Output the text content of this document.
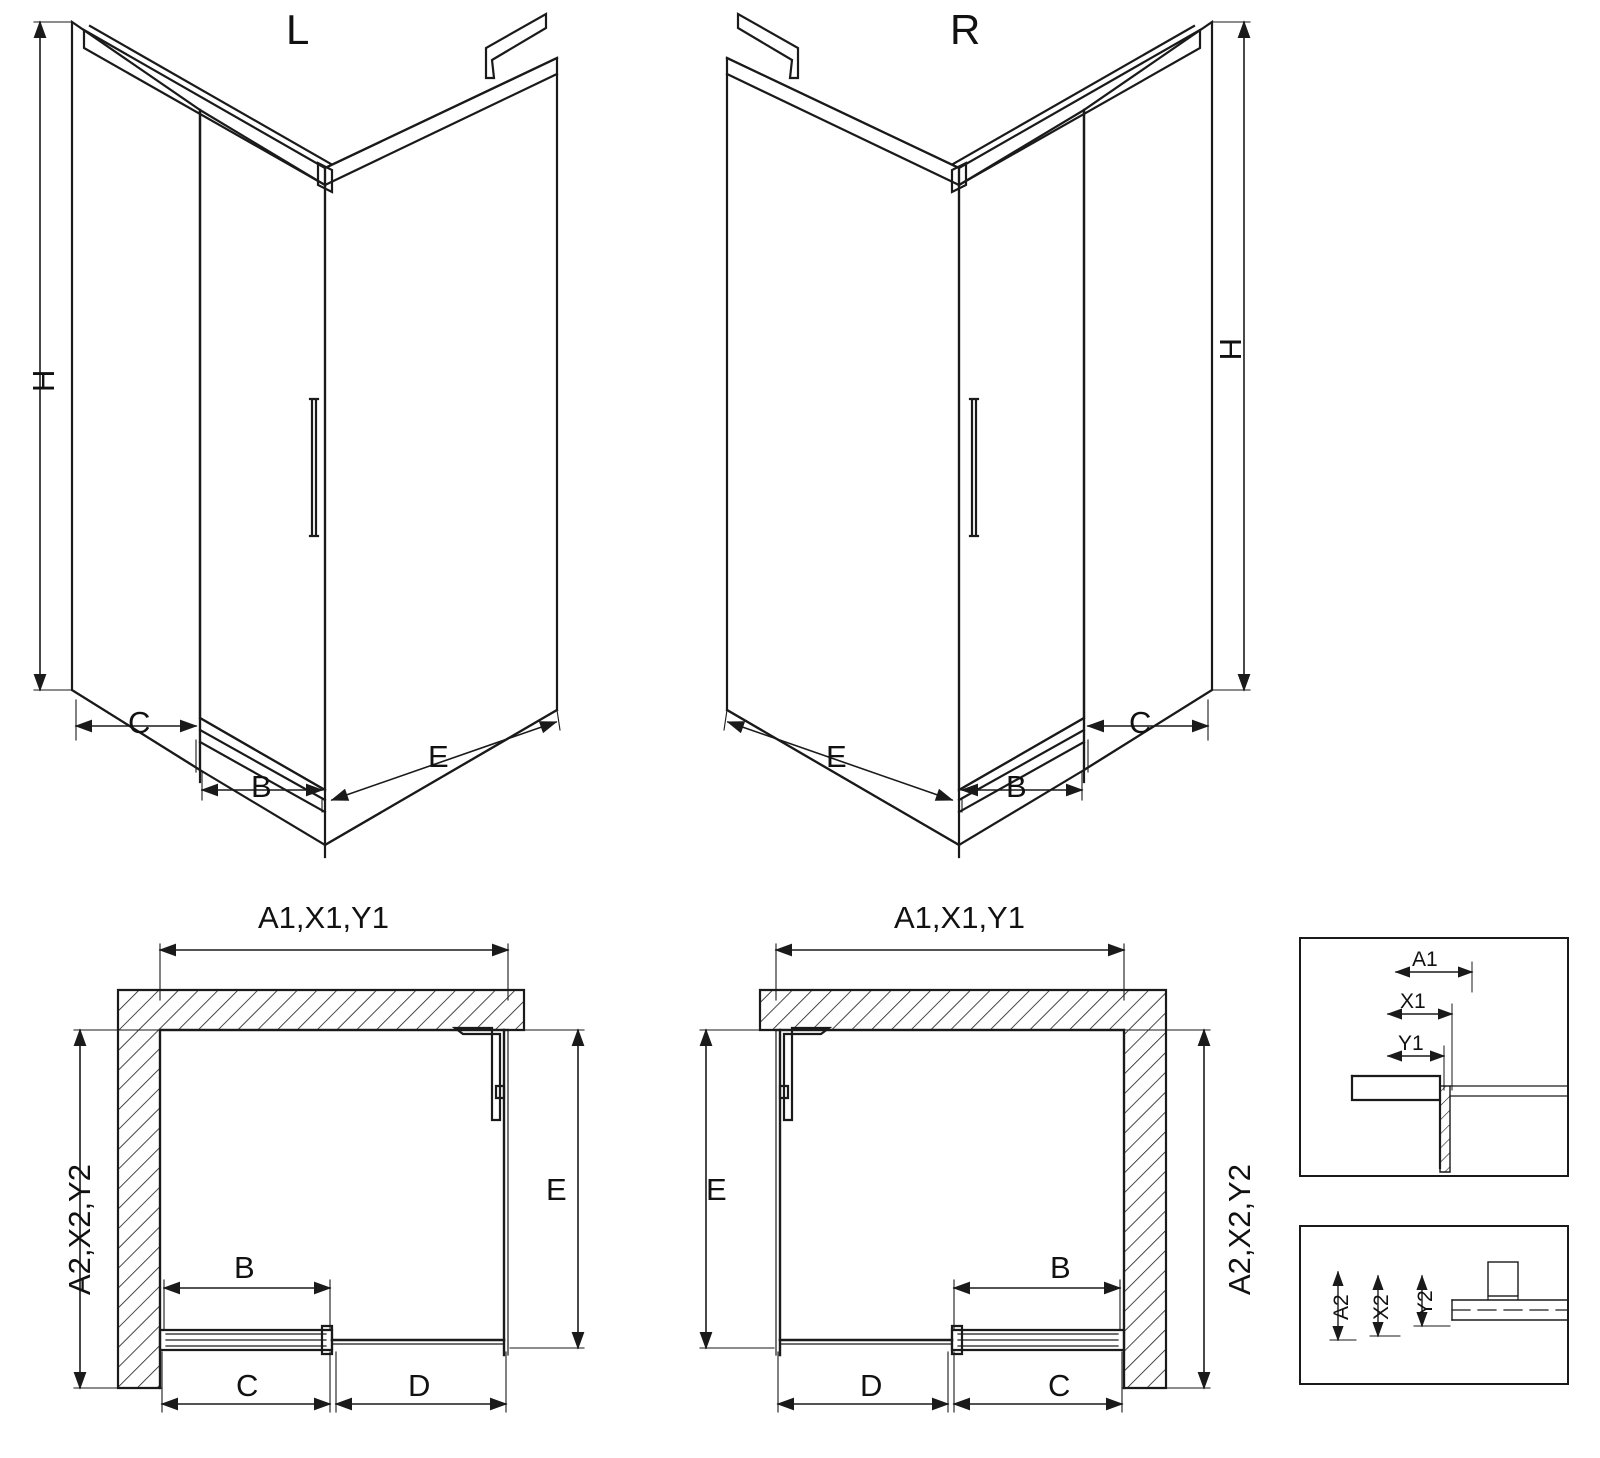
L	R
H
C
B
E
H
C
B
E
A1,X1,Y1
A2,X2,Y2	E
B
C	D
A1,X1,Y1
A2,X2,Y2
E
B
C
D
A1
X1
Y1
A2 X2 Y2
